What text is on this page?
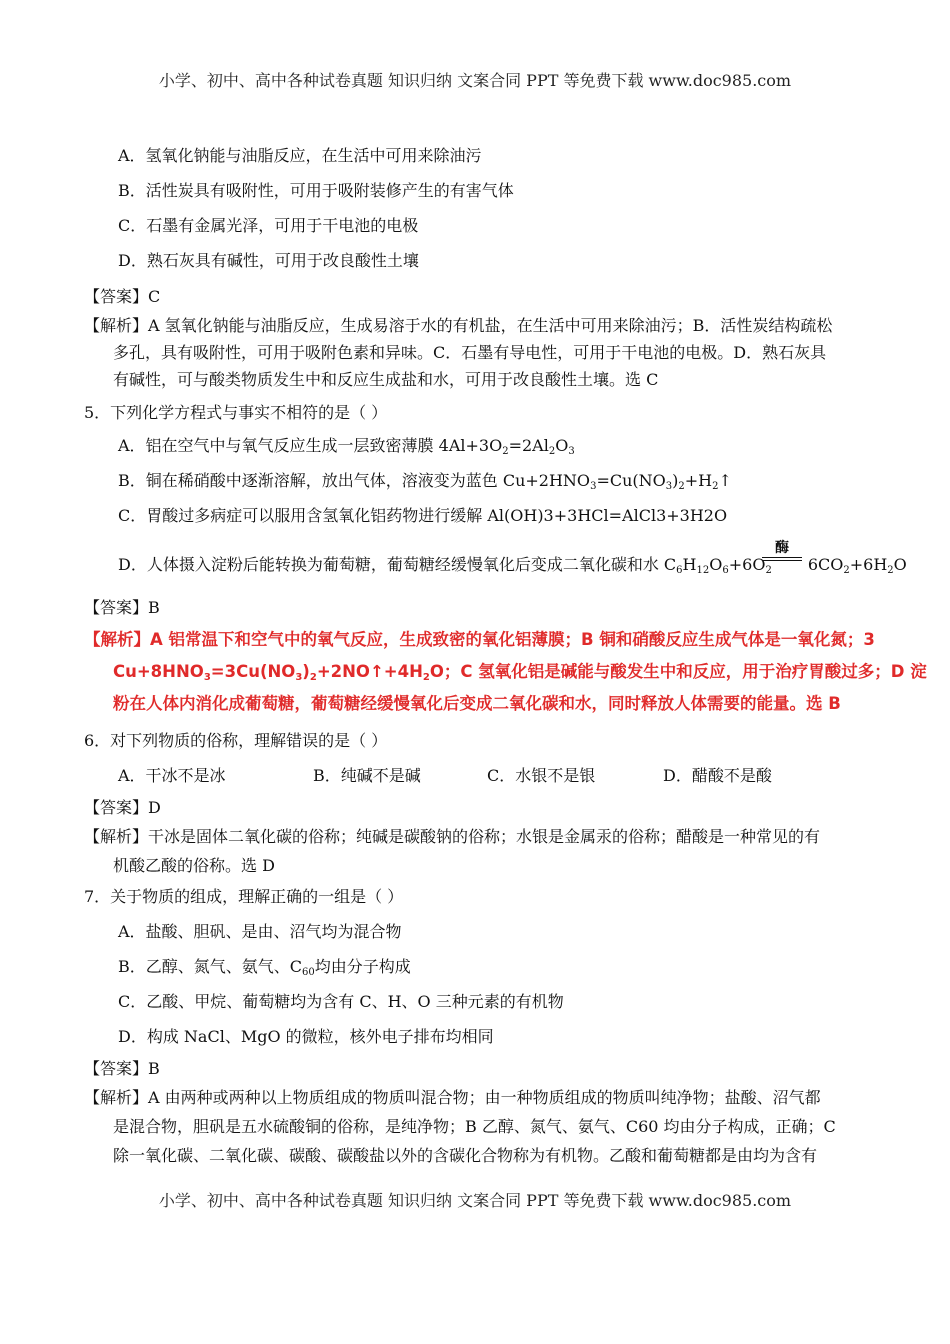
小学、初中、高中各种试卷真题 知识归纳 文案合同 PPT 等免费下载 www.doc985.com
A．氢氧化钠能与油脂反应，在生活中可用来除油污
B．活性炭具有吸附性，可用于吸附装修产生的有害气体
C．石墨有金属光泽，可用于干电池的电极
D．熟石灰具有碱性，可用于改良酸性土壤
【答案】C
【解析】A 氢氧化钠能与油脂反应，生成易溶于水的有机盐，在生活中可用来除油污；B．活性炭结构疏松
多孔，具有吸附性，可用于吸附色素和异味。C．石墨有导电性，可用于干电池的电极。D．熟石灰具
有碱性，可与酸类物质发生中和反应生成盐和水，可用于改良酸性土壤。选 C
5．下列化学方程式与事实不相符的是（ ）
A．铝在空气中与氧气反应生成一层致密薄膜 $4Al+3O_2=2Al_2O_3$
B．铜在稀硝酸中逐渐溶解，放出气体，溶液变为蓝色 $Cu+2HNO_3=Cu(NO_3)_2+H_2↑$
C．胃酸过多病症可以服用含氢氧化铝药物进行缓解 Al(OH)3+3HCl=AlCl3+3H2O
D．人体摄入淀粉后能转换为葡萄糖，葡萄糖经缓慢氧化后变成二氧化碳和水 $C_6H_{12}O_6+6O_2$ $6CO_2+6H_2O$
酶
【答案】B
【解析】A 铝常温下和空气中的氧气反应，生成致密的氧化铝薄膜；B 铜和硝酸反应生成气体是一氧化氮；3
$Cu+8HNO_3=3Cu(NO_3)_2+2NO↑+4H_2O$；C 氢氧化铝是碱能与酸发生中和反应，用于治疗胃酸过多；D 淀
粉在人体内消化成葡萄糖，葡萄糖经缓慢氧化后变成二氧化碳和水，同时释放人体需要的能量。选 B
6．对下列物质的俗称，理解错误的是（ ）
A．干冰不是冰	B．纯碱不是碱	C．水银不是银	D．醋酸不是酸
【答案】D
【解析】干冰是固体二氧化碳的俗称；纯碱是碳酸钠的俗称；水银是金属汞的俗称；醋酸是一种常见的有
机酸乙酸的俗称。选 D
7．关于物质的组成，理解正确的一组是（ ）
A．盐酸、胆矾、是由、沼气均为混合物
B．乙醇、氮气、氨气、$C_{60}$均由分子构成
C．乙酸、甲烷、葡萄糖均为含有 C、H、O 三种元素的有机物
D．构成 NaCl、MgO 的微粒，核外电子排布均相同
【答案】B
【解析】A 由两种或两种以上物质组成的物质叫混合物；由一种物质组成的物质叫纯净物；盐酸、沼气都
是混合物，胆矾是五水硫酸铜的俗称，是纯净物；B 乙醇、氮气、氨气、C60 均由分子构成，正确；C
除一氧化碳、二氧化碳、碳酸、碳酸盐以外的含碳化合物称为有机物。乙酸和葡萄糖都是由均为含有
小学、初中、高中各种试卷真题 知识归纳 文案合同 PPT 等免费下载 www.doc985.com
